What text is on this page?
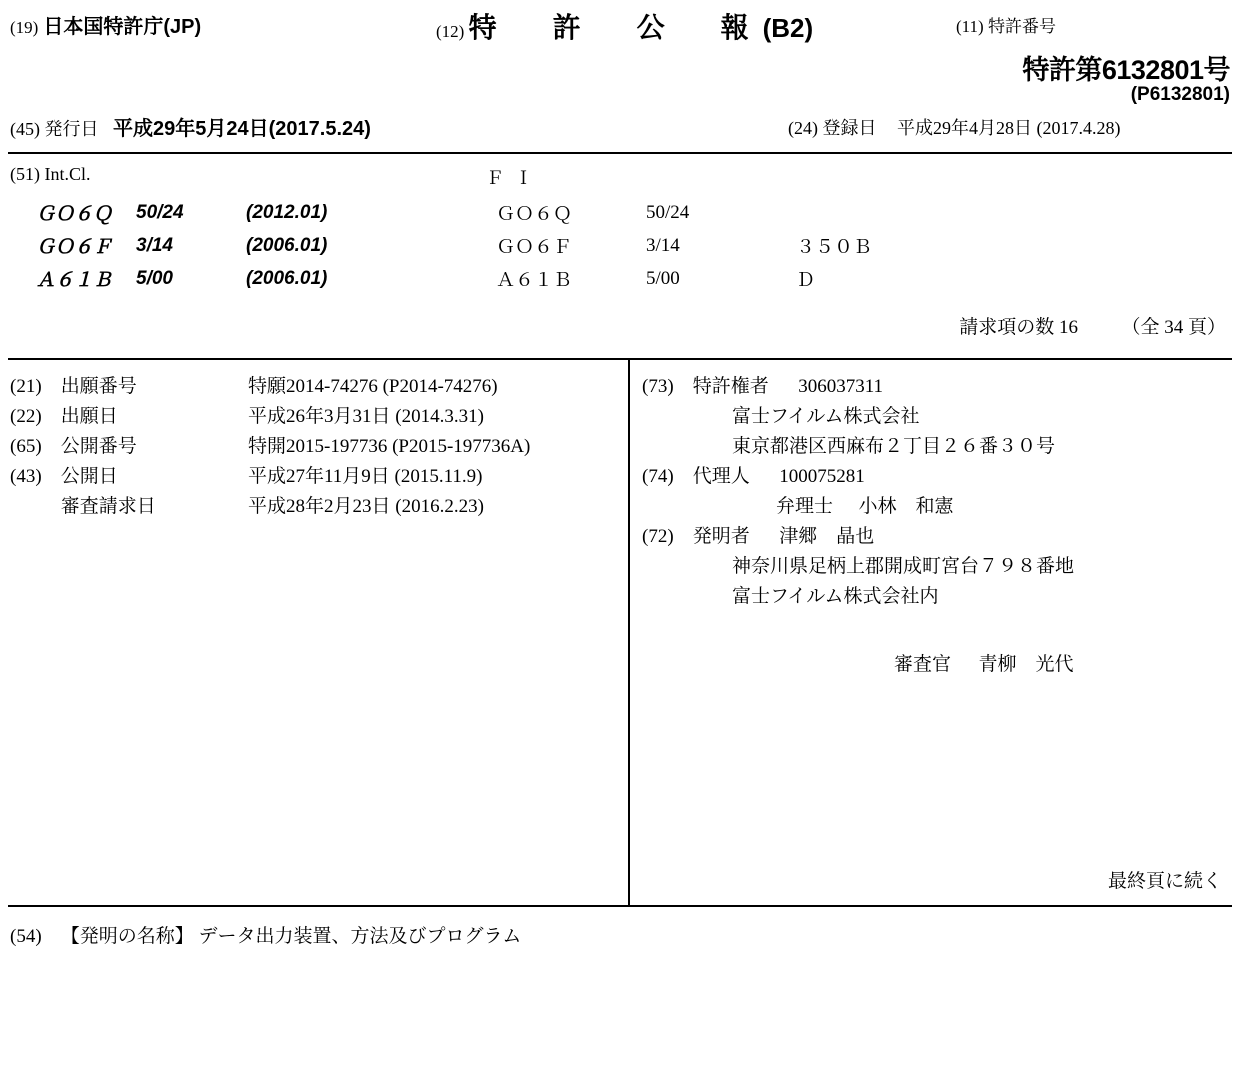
(19) 日本国特許庁(JP)	(12) 特　許　公　報(B2)	(11) 特許番号
特許第6132801号
(P6132801)
(45) 発行日 平成29年5月24日(2017.5.24)	(24) 登録日 平成29年4月28日 (2017.4.28)
(51) Int.Cl.	Ｆ Ｉ
ＧＯ６Ｑ	50/24	(2012.01)	ＧＯ６Ｑ	50/24	
ＧＯ６Ｆ	3/14	(2006.01)	ＧＯ６Ｆ	3/14	３５０Ｂ
Ａ６１Ｂ	5/00	(2006.01)	Ａ６１Ｂ	5/00	Ｄ
請求項の数 16 （全 34 頁）
(21) 出願番号	特願2014-74276 (P2014-74276)
(22) 出願日	平成26年3月31日 (2014.3.31)
(65) 公開番号	特開2015-197736 (P2015-197736A)
(43) 公開日	平成27年11月9日 (2015.11.9)
審査請求日	平成28年2月23日 (2016.2.23)
(73) 特許権者 306037311
富士フイルム株式会社
東京都港区西麻布２丁目２６番３０号
(74) 代理人 100075281
弁理士 小林　和憲
(72) 発明者 津郷　晶也
神奈川県足柄上郡開成町宮台７９８番地
富士フイルム株式会社内
審査官 青柳　光代
最終頁に続く
(54) 【発明の名称】 データ出力装置、方法及びプログラム
